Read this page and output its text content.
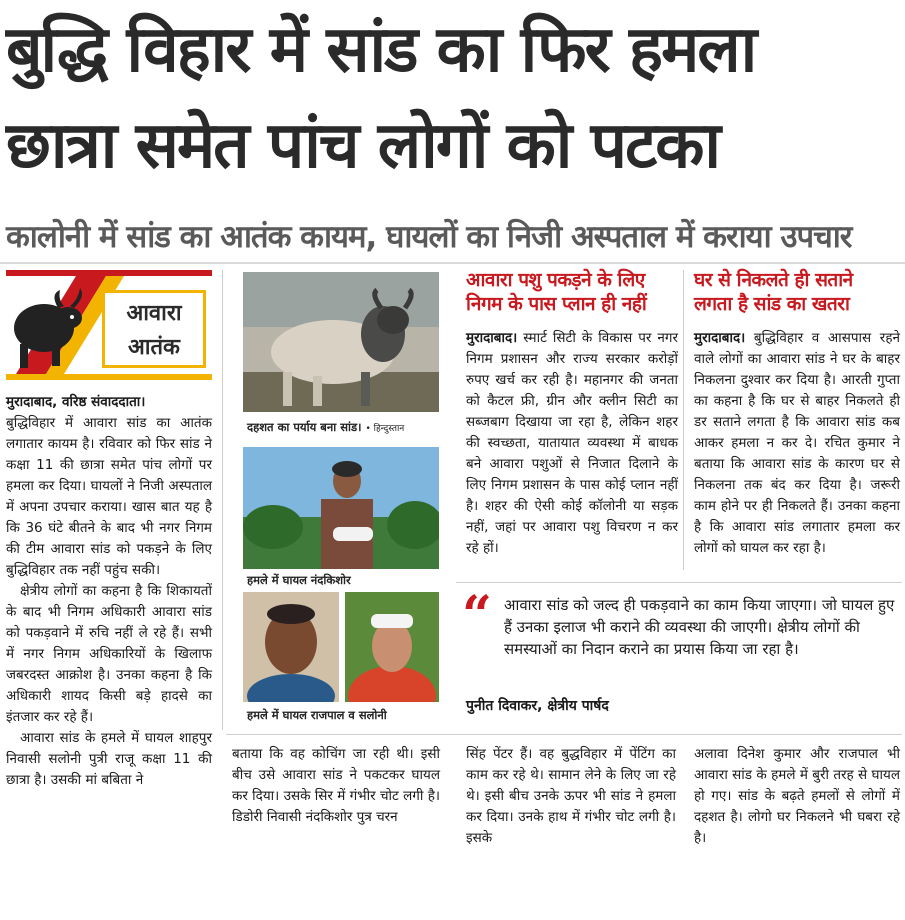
बुद्धि विहार में सांड का फिर हमला
छात्रा समेत पांच लोगों को पटका
कालोनी में सांड का आतंक कायम, घायलों का निजी अस्पताल में कराया उपचार
आवारा
आतंक

मुरादाबाद, वरिष्ठ संवाददाता।

बुद्धिविहार में आवारा सांड का आतंक लगातार कायम है। रविवार को फिर सांड ने कक्षा 11 की छात्रा समेत पांच लोगों पर हमला कर दिया। घायलों ने निजी अस्पताल में अपना उपचार कराया। खास बात यह है कि 36 घंटे बीतने के बाद भी नगर निगम की टीम आवारा सांड को पकड़ने के लिए बुद्धिविहार तक नहीं पहुंच सकी।

क्षेत्रीय लोगों का कहना है कि शिकायतों के बाद भी निगम अधिकारी आवारा सांड को पकड़वाने में रुचि नहीं ले रहे हैं। सभी में नगर निगम अधिकारियों के खिलाफ जबरदस्त आक्रोश है। उनका कहना है कि अधिकारी शायद किसी बड़े हादसे का इंतजार कर रहे हैं।

आवारा सांड के हमले में घायल शाहपुर निवासी सलोनी पुत्री राजू कक्षा 11 की छात्रा है। उसकी मां बबिता ने

दहशत का पर्याय बना सांड। • हिन्दुस्तान
हमले में घायल नंदकिशोर
हमले में घायल राजपाल व सलोनी
आवारा पशु पकड़ने के लिए
निगम के पास प्लान ही नहीं

मुरादाबाद। स्मार्ट सिटी के विकास पर नगर निगम प्रशासन और राज्य सरकार करोड़ों रुपए खर्च कर रही है। महानगर की जनता को कैटल फ्री, ग्रीन और क्लीन सिटी का सब्जबाग दिखाया जा रहा है, लेकिन शहर की स्वच्छता, यातायात व्यवस्था में बाधक बने आवारा पशुओं से निजात दिलाने के लिए निगम प्रशासन के पास कोई प्लान नहीं है। शहर की ऐसी कोई कॉलोनी या सड़क नहीं, जहां पर आवारा पशु विचरण न कर रहे हों।

घर से निकलते ही सताने
लगता है सांड का खतरा

मुरादाबाद। बुद्धिविहार व आसपास रहने वाले लोगों का आवारा सांड ने घर के बाहर निकलना दुश्वार कर दिया है। आरती गुप्ता का कहना है कि घर से बाहर निकलते ही डर सताने लगता है कि आवारा सांड कब आकर हमला न कर दे। रचित कुमार ने बताया कि आवारा सांड के कारण घर से निकलना तक बंद कर दिया है। जरूरी काम होने पर ही निकलते हैं। उनका कहना है कि आवारा सांड लगातार हमला कर लोगों को घायल कर रहा है।

“ आवारा सांड को जल्द ही पकड़वाने का काम किया जाएगा। जो घायल हुए हैं उनका इलाज भी कराने की व्यवस्था की जाएगी। क्षेत्रीय लोगों की समस्याओं का निदान कराने का प्रयास किया जा रहा है।
पुनीत दिवाकर, क्षेत्रीय पार्षद

बताया कि वह कोचिंग जा रही थी। इसी बीच उसे आवारा सांड ने पकटकर घायल कर दिया। उसके सिर में गंभीर चोट लगी है। डिडोरी निवासी नंदकिशोर पुत्र चरन

सिंह पेंटर हैं। वह बुद्धविहार में पेंटिंग का काम कर रहे थे। सामान लेने के लिए जा रहे थे। इसी बीच उनके ऊपर भी सांड ने हमला कर दिया। उनके हाथ में गंभीर चोट लगी है। इसके

अलावा दिनेश कुमार और राजपाल भी आवारा सांड के हमले में बुरी तरह से घायल हो गए। सांड के बढ़ते हमलों से लोगों में दहशत है। लोगो घर निकलने भी घबरा रहे है।
